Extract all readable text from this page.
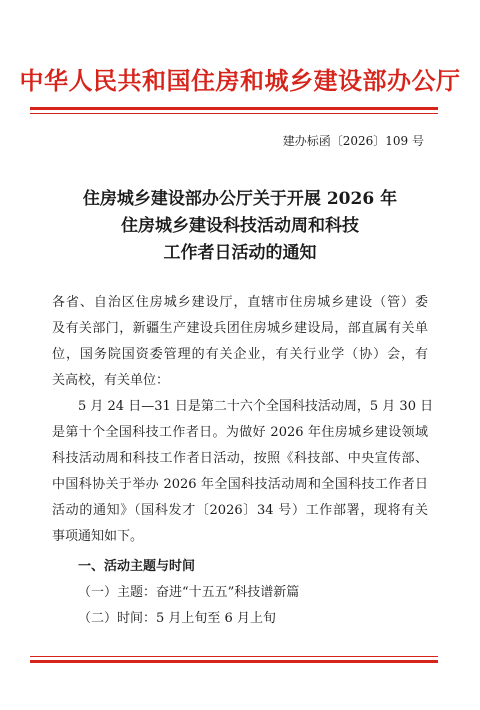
中华人民共和国住房和城乡建设部办公厅
建办标函〔2026〕109 号
住房城乡建设部办公厅关于开展 2026 年
住房城乡建设科技活动周和科技
工作者日活动的通知
各省、自治区住房城乡建设厅，直辖市住房城乡建设（管）委
及有关部门，新疆生产建设兵团住房城乡建设局，部直属有关单
位，国务院国资委管理的有关企业，有关行业学（协）会，有
关高校，有关单位：
5 月 24 日—31 日是第二十六个全国科技活动周，5 月 30 日
是第十个全国科技工作者日。为做好 2026 年住房城乡建设领域
科技活动周和科技工作者日活动，按照《科技部、中央宣传部、
中国科协关于举办 2026 年全国科技活动周和全国科技工作者日
活动的通知》（国科发才〔2026〕34 号）工作部署，现将有关
事项通知如下。
一、活动主题与时间
（一）主题：奋进“十五五”科技谱新篇
（二）时间：5 月上旬至 6 月上旬
